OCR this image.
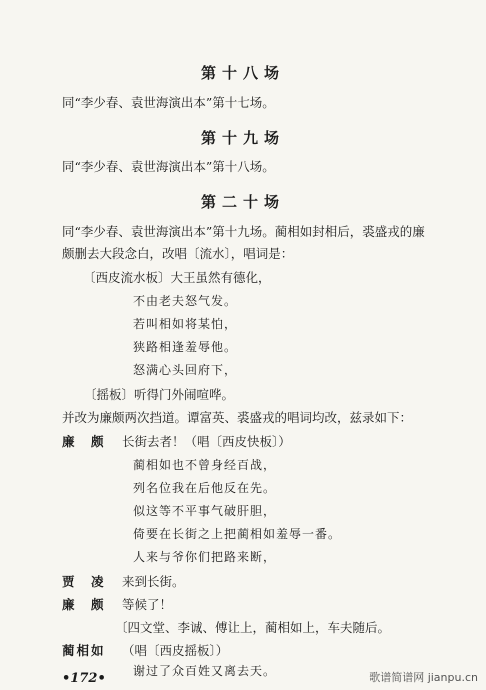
第十八场
同“李少春、袁世海演出本”第十七场。
第十九场
同“李少春、袁世海演出本”第十八场。
第二十场
同“李少春、袁世海演出本”第十九场。蔺相如封相后，裘盛戎的廉
颇删去大段念白，改唱〔流水〕，唱词是：
〔西皮流水板〕大王虽然有德化，
不由老夫怒气发。
若叫相如将某怕，
狭路相逢羞辱他。
怒满心头回府下，
〔摇板〕听得门外闹喧哗。
并改为廉颇两次挡道。谭富英、裘盛戎的唱词均改，兹录如下：
廉　颇 长街去者！（唱〔西皮快板〕）
蔺相如也不曾身经百战，
列名位我在后他反在先。
似这等不平事气破肝胆，
倚要在长街之上把蔺相如羞辱一番。
人来与爷你们把路来断，
贾　凌 来到长街。
廉　颇 等候了！
〔四文堂、李诚、傅让上，蔺相如上，车夫随后。
蔺相如 （唱〔西皮摇板〕）
谢过了众百姓又离去天。
•172•	歌谱简谱网 jianpu.cn
